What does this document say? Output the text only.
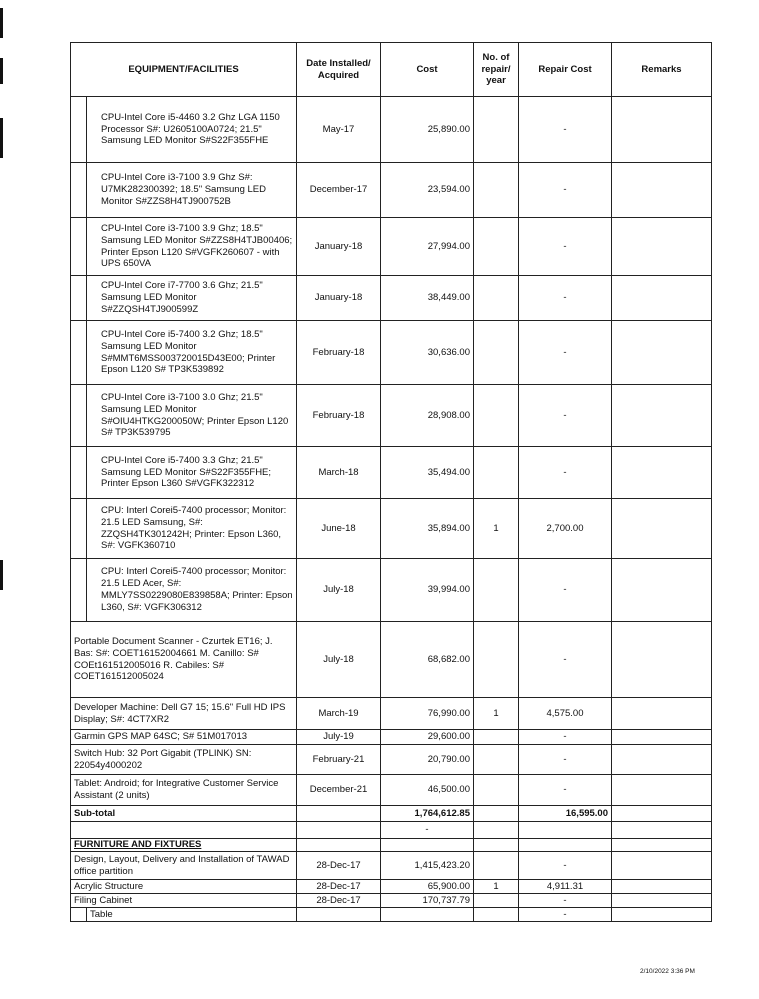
EQUIPMENT/FACILITIES		Date Installed/ Acquired	Cost	No. of repair/ year	Repair Cost	Remarks
	CPU-Intel Core i5-4460 3.2 Ghz LGA 1150 Processor S#: U2605100A0724; 21.5" Samsung LED Monitor S#S22F355FHE	May-17	25,890.00		-	
	CPU-Intel Core i3-7100 3.9 Ghz S#: U7MK282300392; 18.5" Samsung LED Monitor S#ZZS8H4TJ900752B	December-17	23,594.00		-	
	CPU-Intel Core i3-7100 3.9 Ghz; 18.5" Samsung LED Monitor S#ZZS8H4TJB00406; Printer Epson L120 S#VGFK260607 - with UPS 650VA	January-18	27,994.00		-	
	CPU-Intel Core i7-7700 3.6 Ghz; 21.5" Samsung LED Monitor S#ZZQSH4TJ900599Z	January-18	38,449.00		-	
	CPU-Intel Core i5-7400 3.2 Ghz; 18.5" Samsung LED Monitor S#MMT6MSS003720015D43E00; Printer Epson L120 S# TP3K539892	February-18	30,636.00		-	
	CPU-Intel Core i3-7100 3.0 Ghz; 21.5" Samsung LED Monitor S#OIU4HTKG200050W; Printer Epson L120 S# TP3K539795	February-18	28,908.00		-	
	CPU-Intel Core i5-7400 3.3 Ghz; 21.5" Samsung LED Monitor S#S22F355FHE; Printer Epson L360 S#VGFK322312	March-18	35,494.00		-	
	CPU: Interl Corei5-7400 processor; Monitor: 21.5 LED Samsung, S#: ZZQSH4TK301242H; Printer: Epson L360, S#: VGFK360710	June-18	35,894.00	1	2,700.00	
	CPU: Interl Corei5-7400 processor; Monitor: 21.5 LED Acer, S#: MMLY7SS0229080E839858A; Printer: Epson L360, S#: VGFK306312	July-18	39,994.00		-	
Portable Document Scanner - Czurtek ET16; J. Bas: S#: COET16152004661 M. Canillo: S# COEt161512005016 R. Cabiles: S# COET161512005024		July-18	68,682.00		-	
Developer Machine: Dell G7 15; 15.6" Full HD IPS Display; S#: 4CT7XR2		March-19	76,990.00	1	4,575.00	
Garmin GPS MAP 64SC; S# 51M017013		July-19	29,600.00		-	
Switch Hub: 32 Port Gigabit (TPLINK) SN: 22054y4000202		February-21	20,790.00		-	
Tablet: Android; for Integrative Customer Service Assistant (2 units)		December-21	46,500.00		-	
Sub-total			1,764,612.85		16,595.00	
			-			
FURNITURE AND FIXTURES						
Design, Layout, Delivery and Installation of TAWAD office partition		28-Dec-17	1,415,423.20		-	
Acrylic Structure		28-Dec-17	65,900.00	1	4,911.31	
Filing Cabinet		28-Dec-17	170,737.79		-	
	Table				-	
2/10/2022 3:36 PM
